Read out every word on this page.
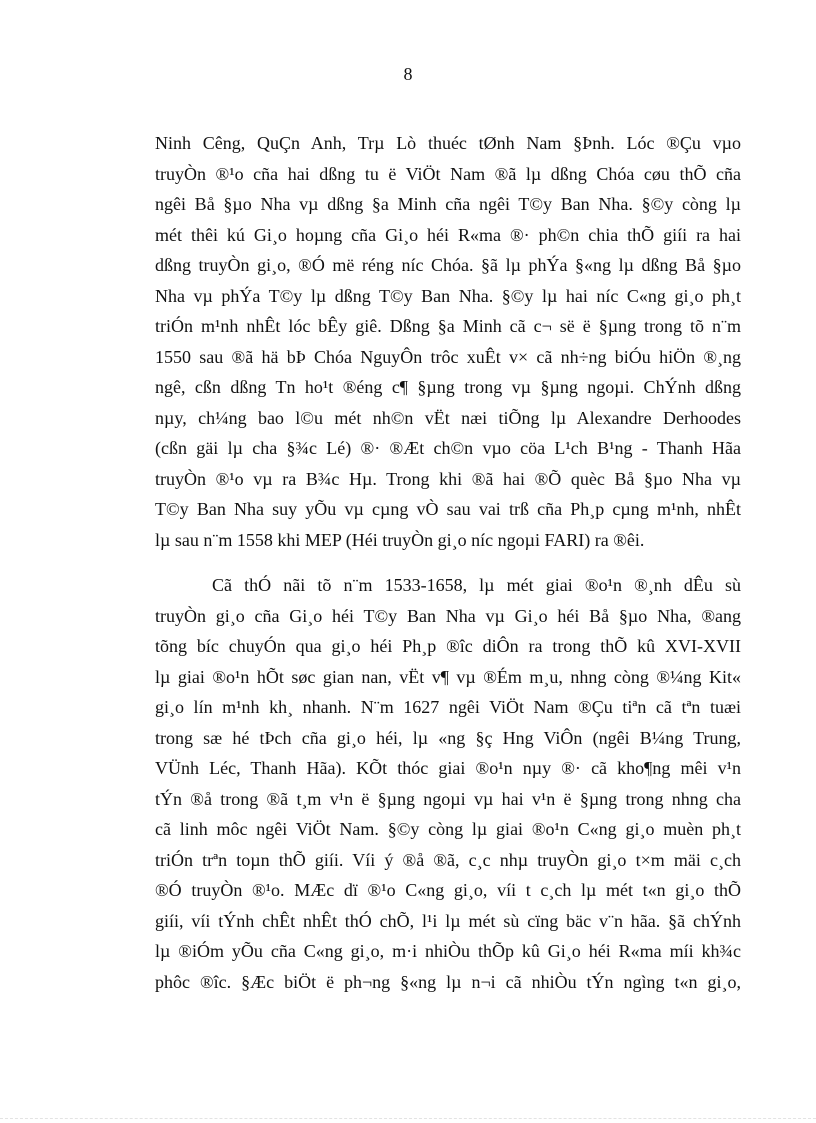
8
Ninh Cêng, QuÇn Anh, Trµ Lò thuéc tØnh Nam §Þnh. Lóc ®Çu vµo
truyÒn ®¹o cña hai dßng tu ë ViÖt Nam ®ã lµ dßng Chóa cøu thÕ cña
ngêi Bå §µo Nha vµ dßng §a Minh cña ngêi T©y Ban Nha. §©y còng lµ
mét thêi kú Gi¸o hoµng cña Gi¸o héi R«ma ®· ph©n chia thÕ giíi ra hai
dßng truyÒn gi¸o, ®Ó më réng níc Chóa. §ã lµ phÝa §«ng lµ dßng Bå §µo
Nha vµ phÝa T©y lµ dßng T©y Ban Nha. §©y lµ hai níc C«ng gi¸o ph¸t
triÓn m¹nh nhÊt lóc bÊy giê. Dßng §a Minh cã c¬ së ë §µng trong tõ n¨m
1550 sau ®ã hä bÞ Chóa NguyÔn trôc xuÊt v× cã nh÷ng biÓu hiÖn ®¸ng
ngê, cßn dßng Tn ho¹t ®éng c¶ §µng trong vµ §µng ngoµi. ChÝnh dßng
nµy, ch¼ng bao l©u mét nh©n vËt næi tiÕng lµ Alexandre Derhoodes
(cßn gäi lµ cha §¾c Lé) ®· ®Æt ch©n vµo cöa L¹ch B¹ng - Thanh Hãa
truyÒn ®¹o vµ ra B¾c Hµ. Trong khi ®ã hai ®Õ quèc Bå §µo Nha vµ
T©y Ban Nha suy yÕu vµ cµng vÒ sau vai trß cña Ph¸p cµng m¹nh, nhÊt
lµ sau n¨m 1558 khi MEP (Héi truyÒn gi¸o níc ngoµi FARI) ra ®êi.
Cã thÓ nãi tõ n¨m 1533-1658, lµ mét giai ®o¹n ®¸nh dÊu sù
truyÒn gi¸o cña Gi¸o héi T©y Ban Nha vµ Gi¸o héi Bå §µo Nha, ®ang
tõng bíc chuyÓn qua gi¸o héi Ph¸p ®îc diÔn ra trong thÕ kû XVI-XVII
lµ giai ®o¹n hÕt søc gian nan, vËt v¶ vµ ®Ém m¸u, nhng còng ®¼ng Kit«
gi¸o lín m¹nh kh¸ nhanh. N¨m 1627 ngêi ViÖt Nam ®Çu tiªn cã tªn tuæi
trong sæ hé tÞch cña gi¸o héi, lµ «ng §ç Hng ViÔn (ngêi B¼ng Trung,
VÜnh Léc, Thanh Hãa). KÕt thóc giai ®o¹n nµy ®· cã kho¶ng mêi v¹n
tÝn ®å trong ®ã t¸m v¹n ë §µng ngoµi vµ hai v¹n ë §µng trong nhng cha
cã linh môc ngêi ViÖt Nam. §©y còng lµ giai ®o¹n C«ng gi¸o muèn ph¸t
triÓn trªn toµn thÕ giíi. Víi ý ®å ®ã, c¸c nhµ truyÒn gi¸o t×m mäi c¸ch
®Ó truyÒn ®¹o. MÆc dï ®¹o C«ng gi¸o, víi t c¸ch lµ mét t«n gi¸o thÕ
giíi, víi tÝnh chÊt nhÊt thÓ chÕ, l¹i lµ mét sù cïng bäc v¨n hãa. §ã chÝnh
lµ ®iÓm yÕu cña C«ng gi¸o, m·i nhiÒu thÕp kû Gi¸o héi R«ma míi kh¾c
phôc ®îc. §Æc biÖt ë ph¬ng §«ng lµ n¬i cã nhiÒu tÝn ngìng t«n gi¸o,
